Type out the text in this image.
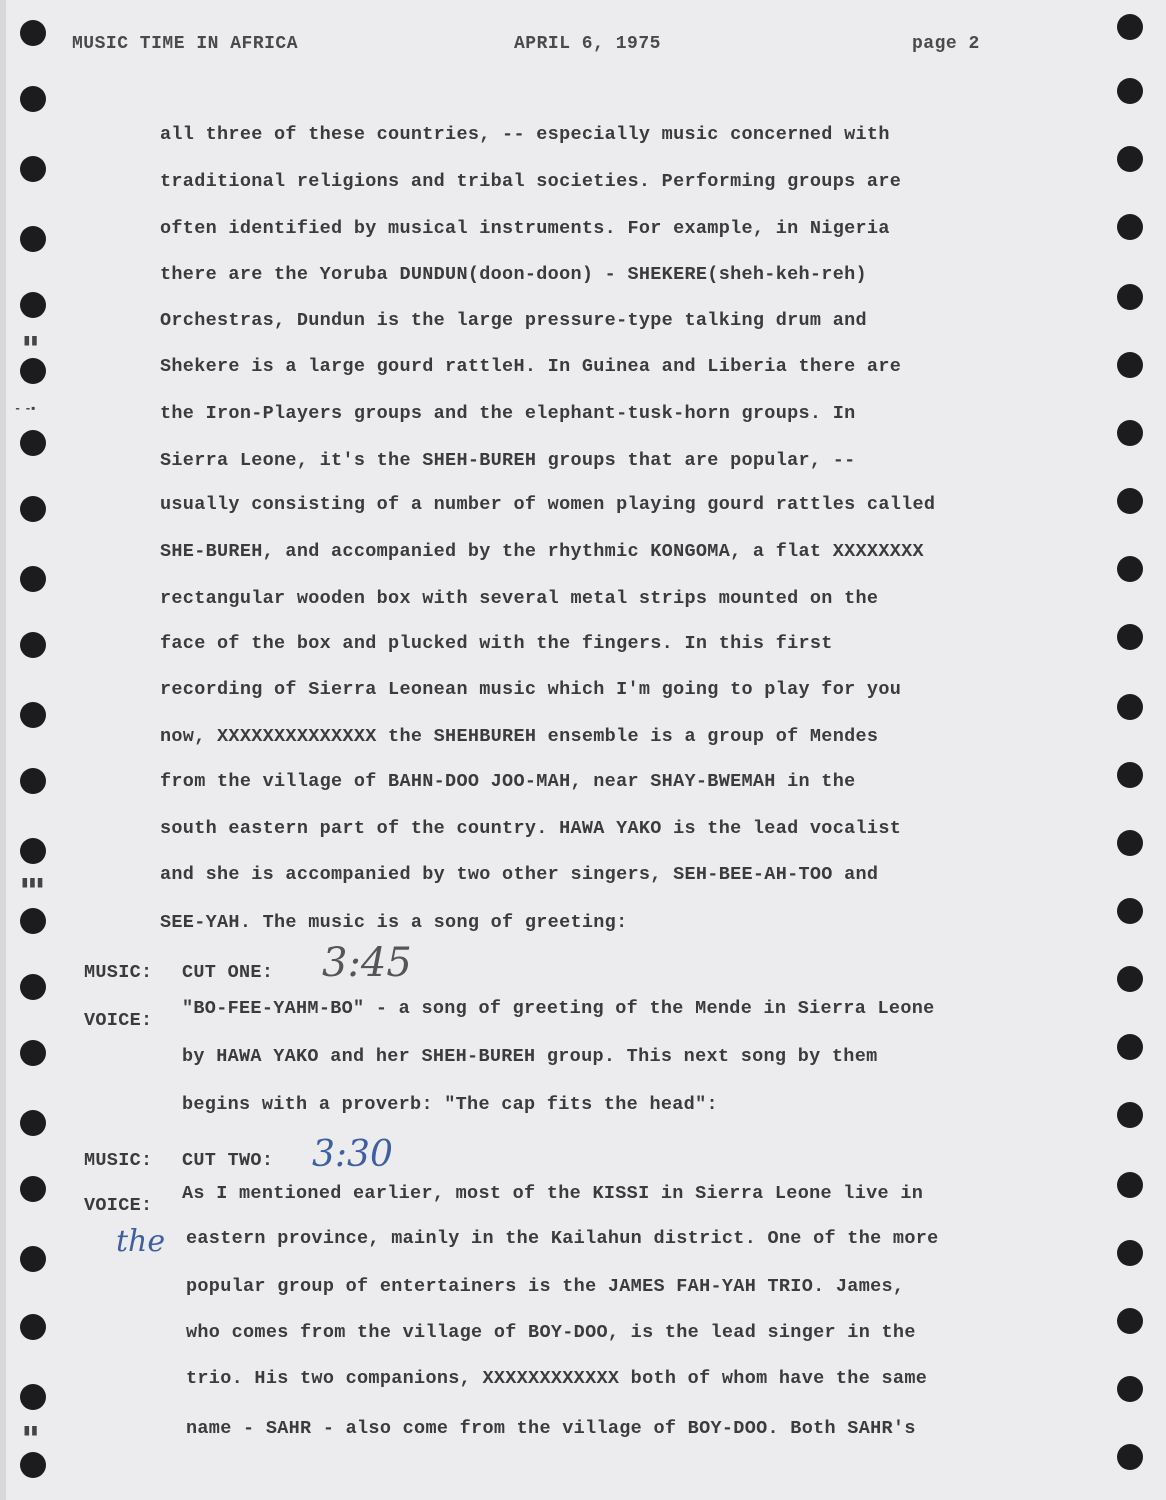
▮▮
- -▪
▮▮▮
▮▮
MUSIC TIME IN AFRICA	APRIL 6, 1975	page 2
all three of these countries, -- especially music concerned with
traditional religions and tribal societies. Performing groups are
often identified by musical instruments. For example, in Nigeria
there are the Yoruba DUNDUN(doon-doon) - SHEKERE(sheh-keh-reh)
Orchestras, Dundun is the large pressure-type talking drum and
Shekere is a large gourd rattleH. In Guinea and Liberia there are
the Iron-Players groups and the elephant-tusk-horn groups. In
Sierra Leone, it's the SHEH-BUREH groups that are popular, --
usually consisting of a number of women playing gourd rattles called
SHE-BUREH, and accompanied by the rhythmic KONGOMA, a flat XXXXXXXX
rectangular wooden box with several metal strips mounted on the
face of the box and plucked with the fingers. In this first
recording of Sierra Leonean music which I'm going to play for you
now, XXXXXXXXXXXXXX the SHEHBUREH ensemble is a group of Mendes
from the village of BAHN-DOO JOO-MAH, near SHAY-BWEMAH in the
south eastern part of the country. HAWA YAKO is the lead vocalist
and she is accompanied by two other singers, SEH-BEE-AH-TOO and
SEE-YAH. The music is a song of greeting:
MUSIC: CUT ONE: 3:45
VOICE:
"BO-FEE-YAHM-BO" - a song of greeting of the Mende in Sierra Leone
by HAWA YAKO and her SHEH-BUREH group. This next song by them
begins with a proverb: "The cap fits the head":
MUSIC: CUT TWO: 3:30
VOICE:
As I mentioned earlier, most of the KISSI in Sierra Leone live in
the eastern province, mainly in the Kailahun district. One of the more
popular group of entertainers is the JAMES FAH-YAH TRIO. James,
who comes from the village of BOY-DOO, is the lead singer in the
trio. His two companions, XXXXXXXXXXXX both of whom have the same
name - SAHR - also come from the village of BOY-DOO. Both SAHR's
